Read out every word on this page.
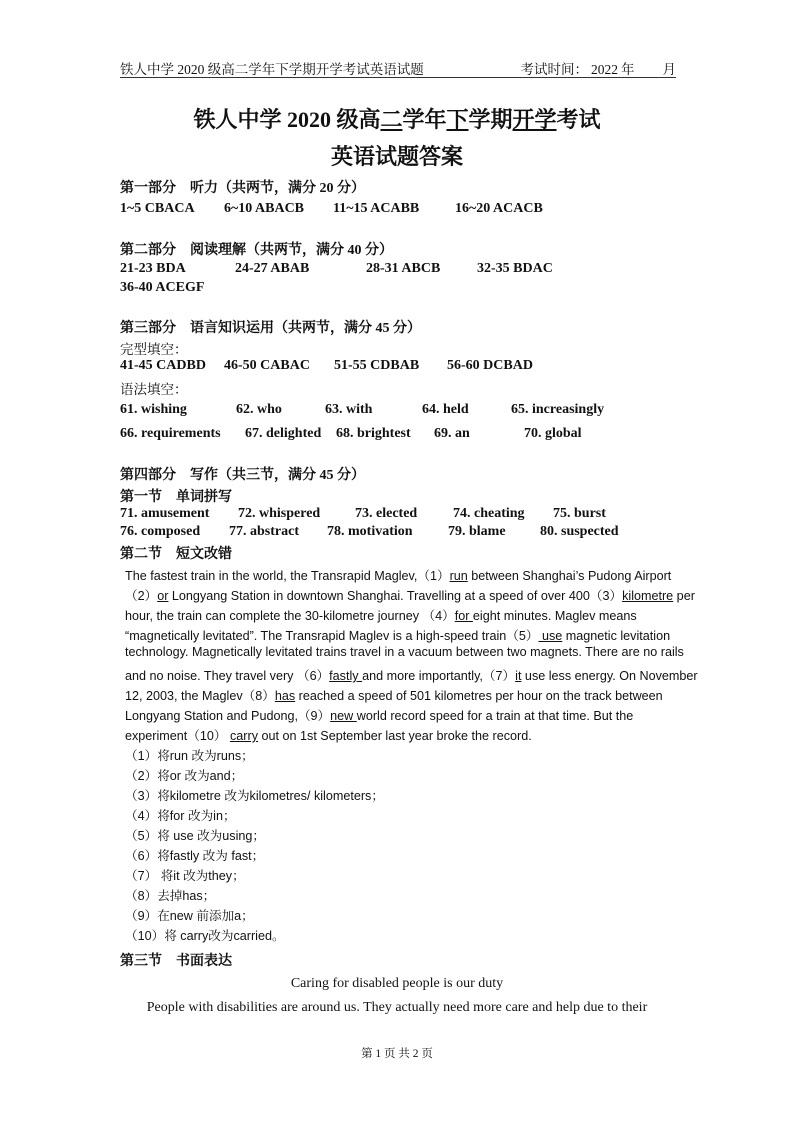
铁人中学 2020 级高二学年下学期开学考试英语试题	考试时间： 2022 年 月
铁人中学 2020 级高二学年下学期开学考试
英语试题答案
第一部分　听力（共两节，满分 20 分）
1~5 CBACA 6~10 ABACB 11~15 ACABB	16~20 ACACB
第二部分　阅读理解（共两节，满分 40 分）
21-23 BDA	24-27 ABAB	28-31 ABCB	32-35 BDAC
36-40 ACEGF
第三部分　语言知识运用（共两节，满分 45 分）
完型填空：
41-45 CADBD 46-50 CABAC 51-55 CDBAB 56-60 DCBAD
语法填空：
61. wishing	62. who	63. with	64. held	65. increasingly
66. requirements 67. delighted 68. brightest 69. an	70. global
第四部分　写作（共三节，满分 45 分）
第一节　单词拼写
71. amusement 72. whispered 73. elected	74. cheating 75. burst
76. composed 77. abstract 78. motivation	79. blame 80. suspected
第二节　短文改错
The fastest train in the world, the Transrapid Maglev,（1）run between Shanghai’s Pudong Airport
（2）or Longyang Station in downtown Shanghai. Travelling at a speed of over 400（3）kilometre per
hour, the train can complete the 30-kilometre journey （4）for eight minutes. Maglev means
“magnetically levitated”. The Transrapid Maglev is a high-speed train（5） use magnetic levitation
technology. Magnetically levitated trains travel in a vacuum between two magnets. There are no rails
and no noise. They travel very （6）fastly and more importantly,（7）it use less energy. On November
12, 2003, the Maglev（8）has reached a speed of 501 kilometres per hour on the track between
Longyang Station and Pudong,（9）new world record speed for a train at that time. But the
experiment（10） carry out on 1st September last year broke the record.
（1）将run 改为runs；
（2）将or 改为and；
（3）将kilometre 改为kilometres/ kilometers；
（4）将for 改为in；
（5）将 use 改为using；
（6）将fastly 改为 fast；
（7） 将it 改为they；
（8）去掉has；
（9）在new 前添加a；
（10）将 carry改为carried。
第三节　书面表达
Caring for disabled people is our duty
People with disabilities are around us. They actually need more care and help due to their
第 1 页 共 2 页
